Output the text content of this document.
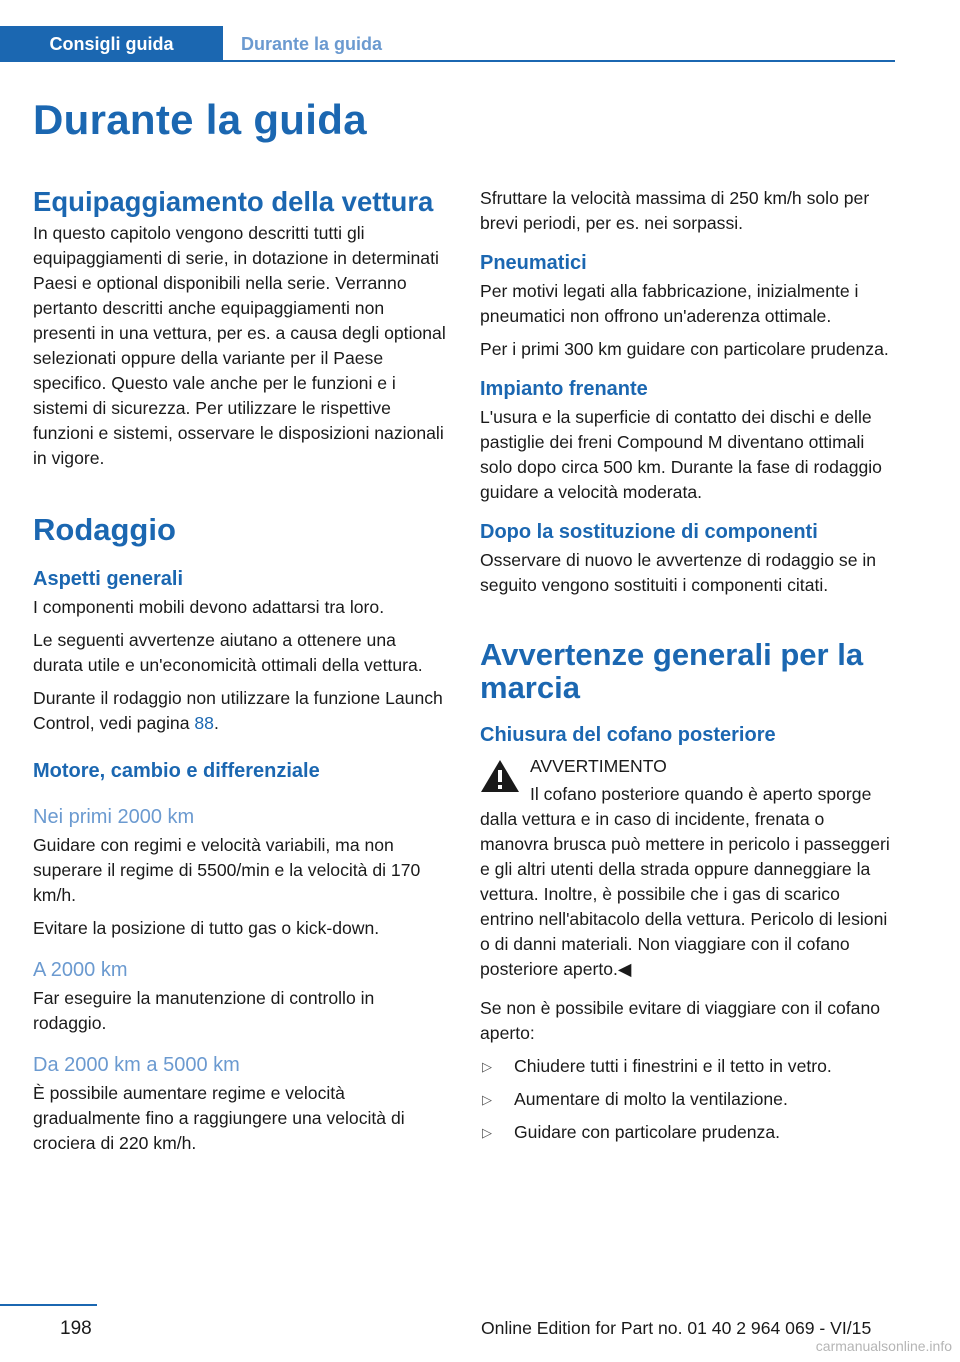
Consigli guida	Durante la guida
Durante la guida
Equipaggiamento della vettura

In questo capitolo vengono descritti tutti gli equipaggiamenti di serie, in dotazione in determinati Paesi e optional disponibili nella serie. Verranno pertanto descritti anche equipaggiamenti non presenti in una vettura, per es. a causa degli optional selezionati oppure della variante per il Paese specifico. Questo vale anche per le funzioni e i sistemi di sicurezza. Per utilizzare le rispettive funzioni e sistemi, osservare le disposizioni nazionali in vigore.

Rodaggio
Aspetti generali

I componenti mobili devono adattarsi tra loro.

Le seguenti avvertenze aiutano a ottenere una durata utile e un'economicità ottimali della vettura.

Durante il rodaggio non utilizzare la funzione Launch Control, vedi pagina 88.

Motore, cambio e differenziale
Nei primi 2000 km

Guidare con regimi e velocità variabili, ma non superare il regime di 5500/min e la velocità di 170 km/h.

Evitare la posizione di tutto gas o kick-down.

A 2000 km

Far eseguire la manutenzione di controllo in rodaggio.

Da 2000 km a 5000 km

È possibile aumentare regime e velocità gradualmente fino a raggiungere una velocità di crociera di 220 km/h.

Sfruttare la velocità massima di 250 km/h solo per brevi periodi, per es. nei sorpassi.

Pneumatici

Per motivi legati alla fabbricazione, inizialmente i pneumatici non offrono un'aderenza ottimale.

Per i primi 300 km guidare con particolare prudenza.

Impianto frenante

L'usura e la superficie di contatto dei dischi e delle pastiglie dei freni Compound M diventano ottimali solo dopo circa 500 km. Durante la fase di rodaggio guidare a velocità moderata.

Dopo la sostituzione di componenti

Osservare di nuovo le avvertenze di rodaggio se in seguito vengono sostituiti i componenti citati.

Avvertenze generali per la marcia
Chiusura del cofano posteriore
AVVERTIMENTO

Il cofano posteriore quando è aperto sporge dalla vettura e in caso di incidente, frenata o manovra brusca può mettere in pericolo i passeggeri e gli altri utenti della strada oppure danneggiare la vettura. Inoltre, è possibile che i gas di scarico entrino nell'abitacolo della vettura. Pericolo di lesioni o di danni materiali. Non viaggiare con il cofano posteriore aperto.◀

Se non è possibile evitare di viaggiare con il cofano aperto:

▷	Chiudere tutti i finestrini e il tetto in vetro.
▷	Aumentare di molto la ventilazione.
▷	Guidare con particolare prudenza.
198	Online Edition for Part no. 01 40 2 964 069 - VI/15
carmanualsonline.info
